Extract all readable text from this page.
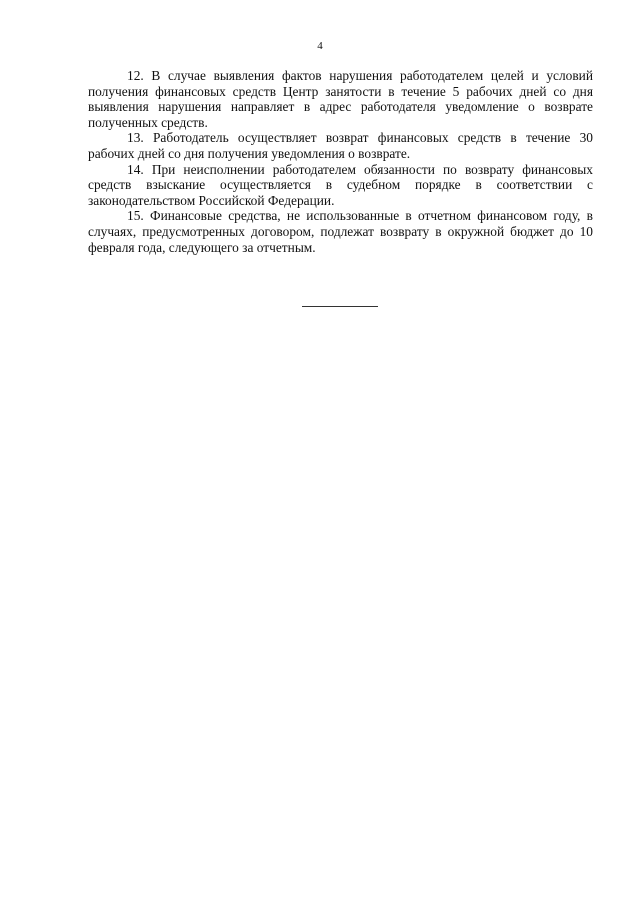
4

12. В случае выявления фактов нарушения работодателем целей и условий получения финансовых средств Центр занятости в течение 5 рабочих дней со дня выявления нарушения направляет в адрес работодателя уведомление о возврате полученных средств.

13. Работодатель осуществляет возврат финансовых средств в течение 30 рабочих дней со дня получения уведомления о возврате.

14. При неисполнении работодателем обязанности по возврату финансовых средств взыскание осуществляется в судебном порядке в соответствии с законодательством Российской Федерации.

15. Финансовые средства, не использованные в отчетном финансовом году, в случаях, предусмотренных договором, подлежат возврату в окружной бюджет до 10 февраля года, следующего за отчетным.
